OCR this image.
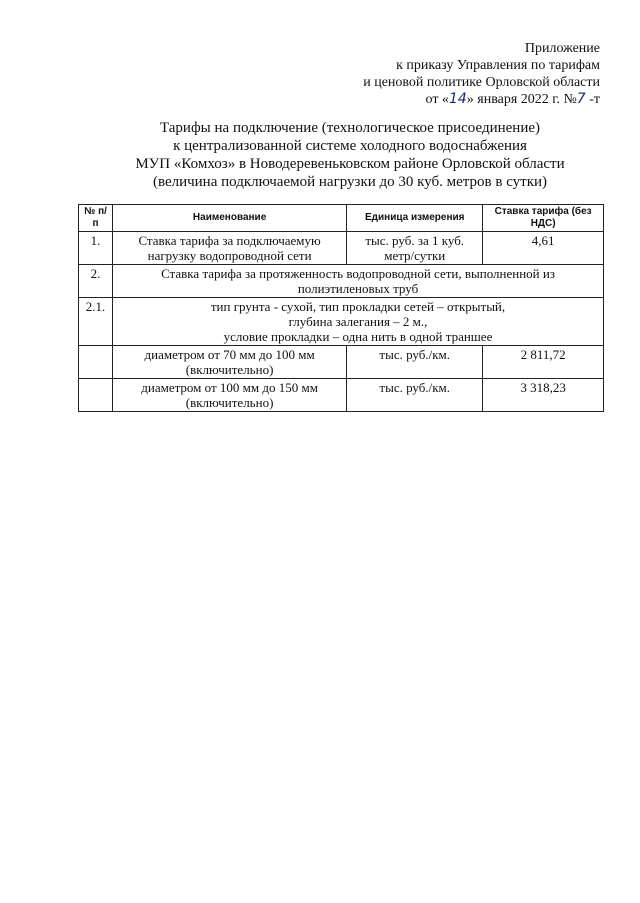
Приложение
к приказу Управления по тарифам
и ценовой политике Орловской области
от «14» января 2022 г. №7 -т
Тарифы на подключение (технологическое присоединение)
к централизованной системе холодного водоснабжения
МУП «Комхоз» в Новодеревеньковском районе Орловской области
(величина подключаемой нагрузки до 30 куб. метров в сутки)
№ п/п	Наименование	Единица измерения	Ставка тарифа (без НДС)
1.	Ставка тарифа за подключаемую нагрузку водопроводной сети	тыс. руб. за 1 куб. метр/сутки	4,61
2.	Ставка тарифа за протяженность водопроводной сети, выполненной из полиэтиленовых труб		
2.1.	тип грунта - сухой, тип прокладки сетей – открытый,
глубина залегания – 2 м.,
условие прокладки – одна нить в одной траншее		

	диаметром от 70 мм до 100 мм (включительно)	тыс. руб./км.	2 811,72
	диаметром от 100 мм до 150 мм (включительно)	тыс. руб./км.	3 318,23
